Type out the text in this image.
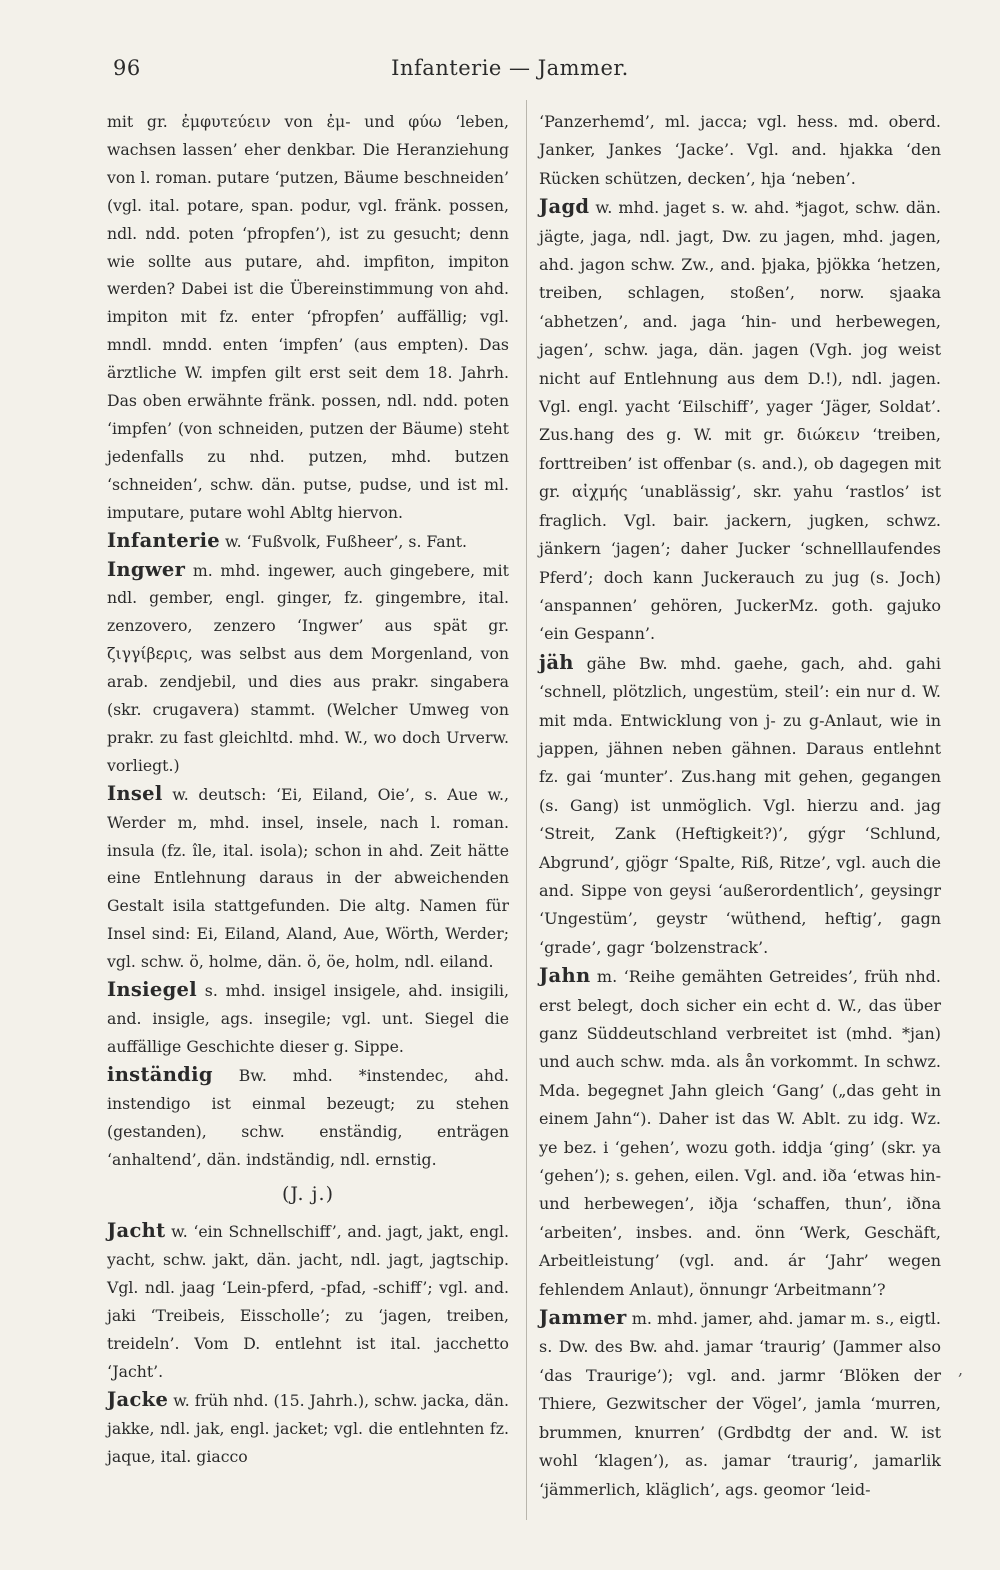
96	Infanterie — Jammer.

mit gr. ἐμφυτεύειν von ἐμ- und φύω ‘leben, wachsen lassen’ eher denkbar. Die Heranziehung von l. roman. putare ‘putzen, Bäume beschneiden’ (vgl. ital. potare, span. podur, vgl. fränk. possen, ndl. ndd. poten ‘pfropfen’), ist zu gesucht; denn wie sollte aus putare, ahd. impfiton, impiton werden? Dabei ist die Übereinstimmung von ahd. impiton mit fz. enter ‘pfropfen’ auffällig; vgl. mndl. mndd. enten ‘impfen’ (aus empten). Das ärztliche W. impfen gilt erst seit dem 18. Jahrh. Das oben erwähnte fränk. possen, ndl. ndd. poten ‘impfen’ (von schneiden, putzen der Bäume) steht jedenfalls zu nhd. putzen, mhd. butzen ‘schneiden’, schw. dän. putse, pudse, und ist ml. imputare, putare wohl Abltg hiervon.

Infanterie w. ‘Fußvolk, Fußheer’, s. Fant.

Ingwer m. mhd. ingewer, auch gingebere, mit ndl. gember, engl. ginger, fz. gingembre, ital. zenzovero, zenzero ‘Ingwer’ aus spät gr. ζιγγίβερις, was selbst aus dem Morgenland, von arab. zendjebil, und dies aus prakr. singabera (skr. crugavera) stammt. (Welcher Umweg von prakr. zu fast gleichltd. mhd. W., wo doch Urverw. vorliegt.)

Insel w. deutsch: ‘Ei, Eiland, Oie’, s. Aue w., Werder m, mhd. insel, insele, nach l. roman. insula (fz. île, ital. isola); schon in ahd. Zeit hätte eine Entlehnung daraus in der abweichenden Gestalt isila stattgefunden. Die altg. Namen für Insel sind: Ei, Eiland, Aland, Aue, Wörth, Werder; vgl. schw. ö, holme, dän. ö, öe, holm, ndl. eiland.

Insiegel s. mhd. insigel insigele, ahd. insigili, and. insigle, ags. insegile; vgl. unt. Siegel die auffällige Geschichte dieser g. Sippe.

inständig Bw. mhd. *instendec, ahd. instendigo ist einmal bezeugt; zu stehen (gestanden), schw. enständig, enträgen ‘anhaltend’, dän. indständig, ndl. ernstig.

(J. j.)

Jacht w. ‘ein Schnellschiff’, and. jagt, jakt, engl. yacht, schw. jakt, dän. jacht, ndl. jagt, jagtschip. Vgl. ndl. jaag ‘Lein-pferd, -pfad, -schiff’; vgl. and. jaki ‘Treibeis, Eisscholle’; zu ‘jagen, treiben, treideln’. Vom D. entlehnt ist ital. jacchetto ‘Jacht’.

Jacke w. früh nhd. (15. Jahrh.), schw. jacka, dän. jakke, ndl. jak, engl. jacket; vgl. die entlehnten fz. jaque, ital. giacco

‘Panzerhemd’, ml. jacca; vgl. hess. md. oberd. Janker, Jankes ‘Jacke’. Vgl. and. hjakka ‘den Rücken schützen, decken’, hja ‘neben’.

Jagd w. mhd. jaget s. w. ahd. *jagot, schw. dän. jägte, jaga, ndl. jagt, Dw. zu jagen, mhd. jagen, ahd. jagon schw. Zw., and. þjaka, þjökka ‘hetzen, treiben, schlagen, stoßen’, norw. sjaaka ‘abhetzen’, and. jaga ‘hin- und herbewegen, jagen’, schw. jaga, dän. jagen (Vgh. jog weist nicht auf Entlehnung aus dem D.!), ndl. jagen. Vgl. engl. yacht ‘Eilschiff’, yager ‘Jäger, Soldat’. Zus.hang des g. W. mit gr. διώκειν ‘treiben, forttreiben’ ist offenbar (s. and.), ob dagegen mit gr. αἰχμής ‘unablässig’, skr. yahu ‘rastlos’ ist fraglich. Vgl. bair. jackern, jugken, schwz. jänkern ‘jagen’; daher Jucker ‘schnelllaufendes Pferd’; doch kann Juckerauch zu jug (s. Joch) ‘anspannen’ gehören, JuckerMz. goth. gajuko ‘ein Gespann’.

jäh gähe Bw. mhd. gaehe, gach, ahd. gahi ‘schnell, plötzlich, ungestüm, steil’: ein nur d. W. mit mda. Entwicklung von j- zu g-Anlaut, wie in jappen, jähnen neben gähnen. Daraus entlehnt fz. gai ‘munter’. Zus.hang mit gehen, gegangen (s. Gang) ist unmöglich. Vgl. hierzu and. jag ‘Streit, Zank (Heftigkeit?)’, gýgr ‘Schlund, Abgrund’, gjögr ‘Spalte, Riß, Ritze’, vgl. auch die and. Sippe von geysi ‘außerordentlich’, geysingr ‘Ungestüm’, geystr ‘wüthend, heftig’, gagn ‘grade’, gagr ‘bolzenstrack’.

Jahn m. ‘Reihe gemähten Getreides’, früh nhd. erst belegt, doch sicher ein echt d. W., das über ganz Süddeutschland verbreitet ist (mhd. *jan) und auch schw. mda. als ån vorkommt. In schwz. Mda. begegnet Jahn gleich ‘Gang’ („das geht in einem Jahn“). Daher ist das W. Ablt. zu idg. Wz. ye bez. i ‘gehen’, wozu goth. iddja ‘ging’ (skr. ya ‘gehen’); s. gehen, eilen. Vgl. and. iða ‘etwas hin- und herbewegen’, iðja ‘schaffen, thun’, iðna ‘arbeiten’, insbes. and. önn ‘Werk, Geschäft, Arbeitleistung’ (vgl. and. ár ‘Jahr’ wegen fehlendem Anlaut), önnungr ‘Arbeitmann’?

Jammer m. mhd. jamer, ahd. jamar m. s., eigtl. s. Dw. des Bw. ahd. jamar ‘traurig’ (Jammer also ‘das Traurige’); vgl. and. jarmr ‘Blöken der Thiere, Gezwitscher der Vögel’, jamla ‘murren, brummen, knurren’ (Grdbdtg der and. W. ist wohl ‘klagen’), as. jamar ‘traurig’, jamarlik ‘jämmerlich, kläglich’, ags. geomor ‘leid-

,
